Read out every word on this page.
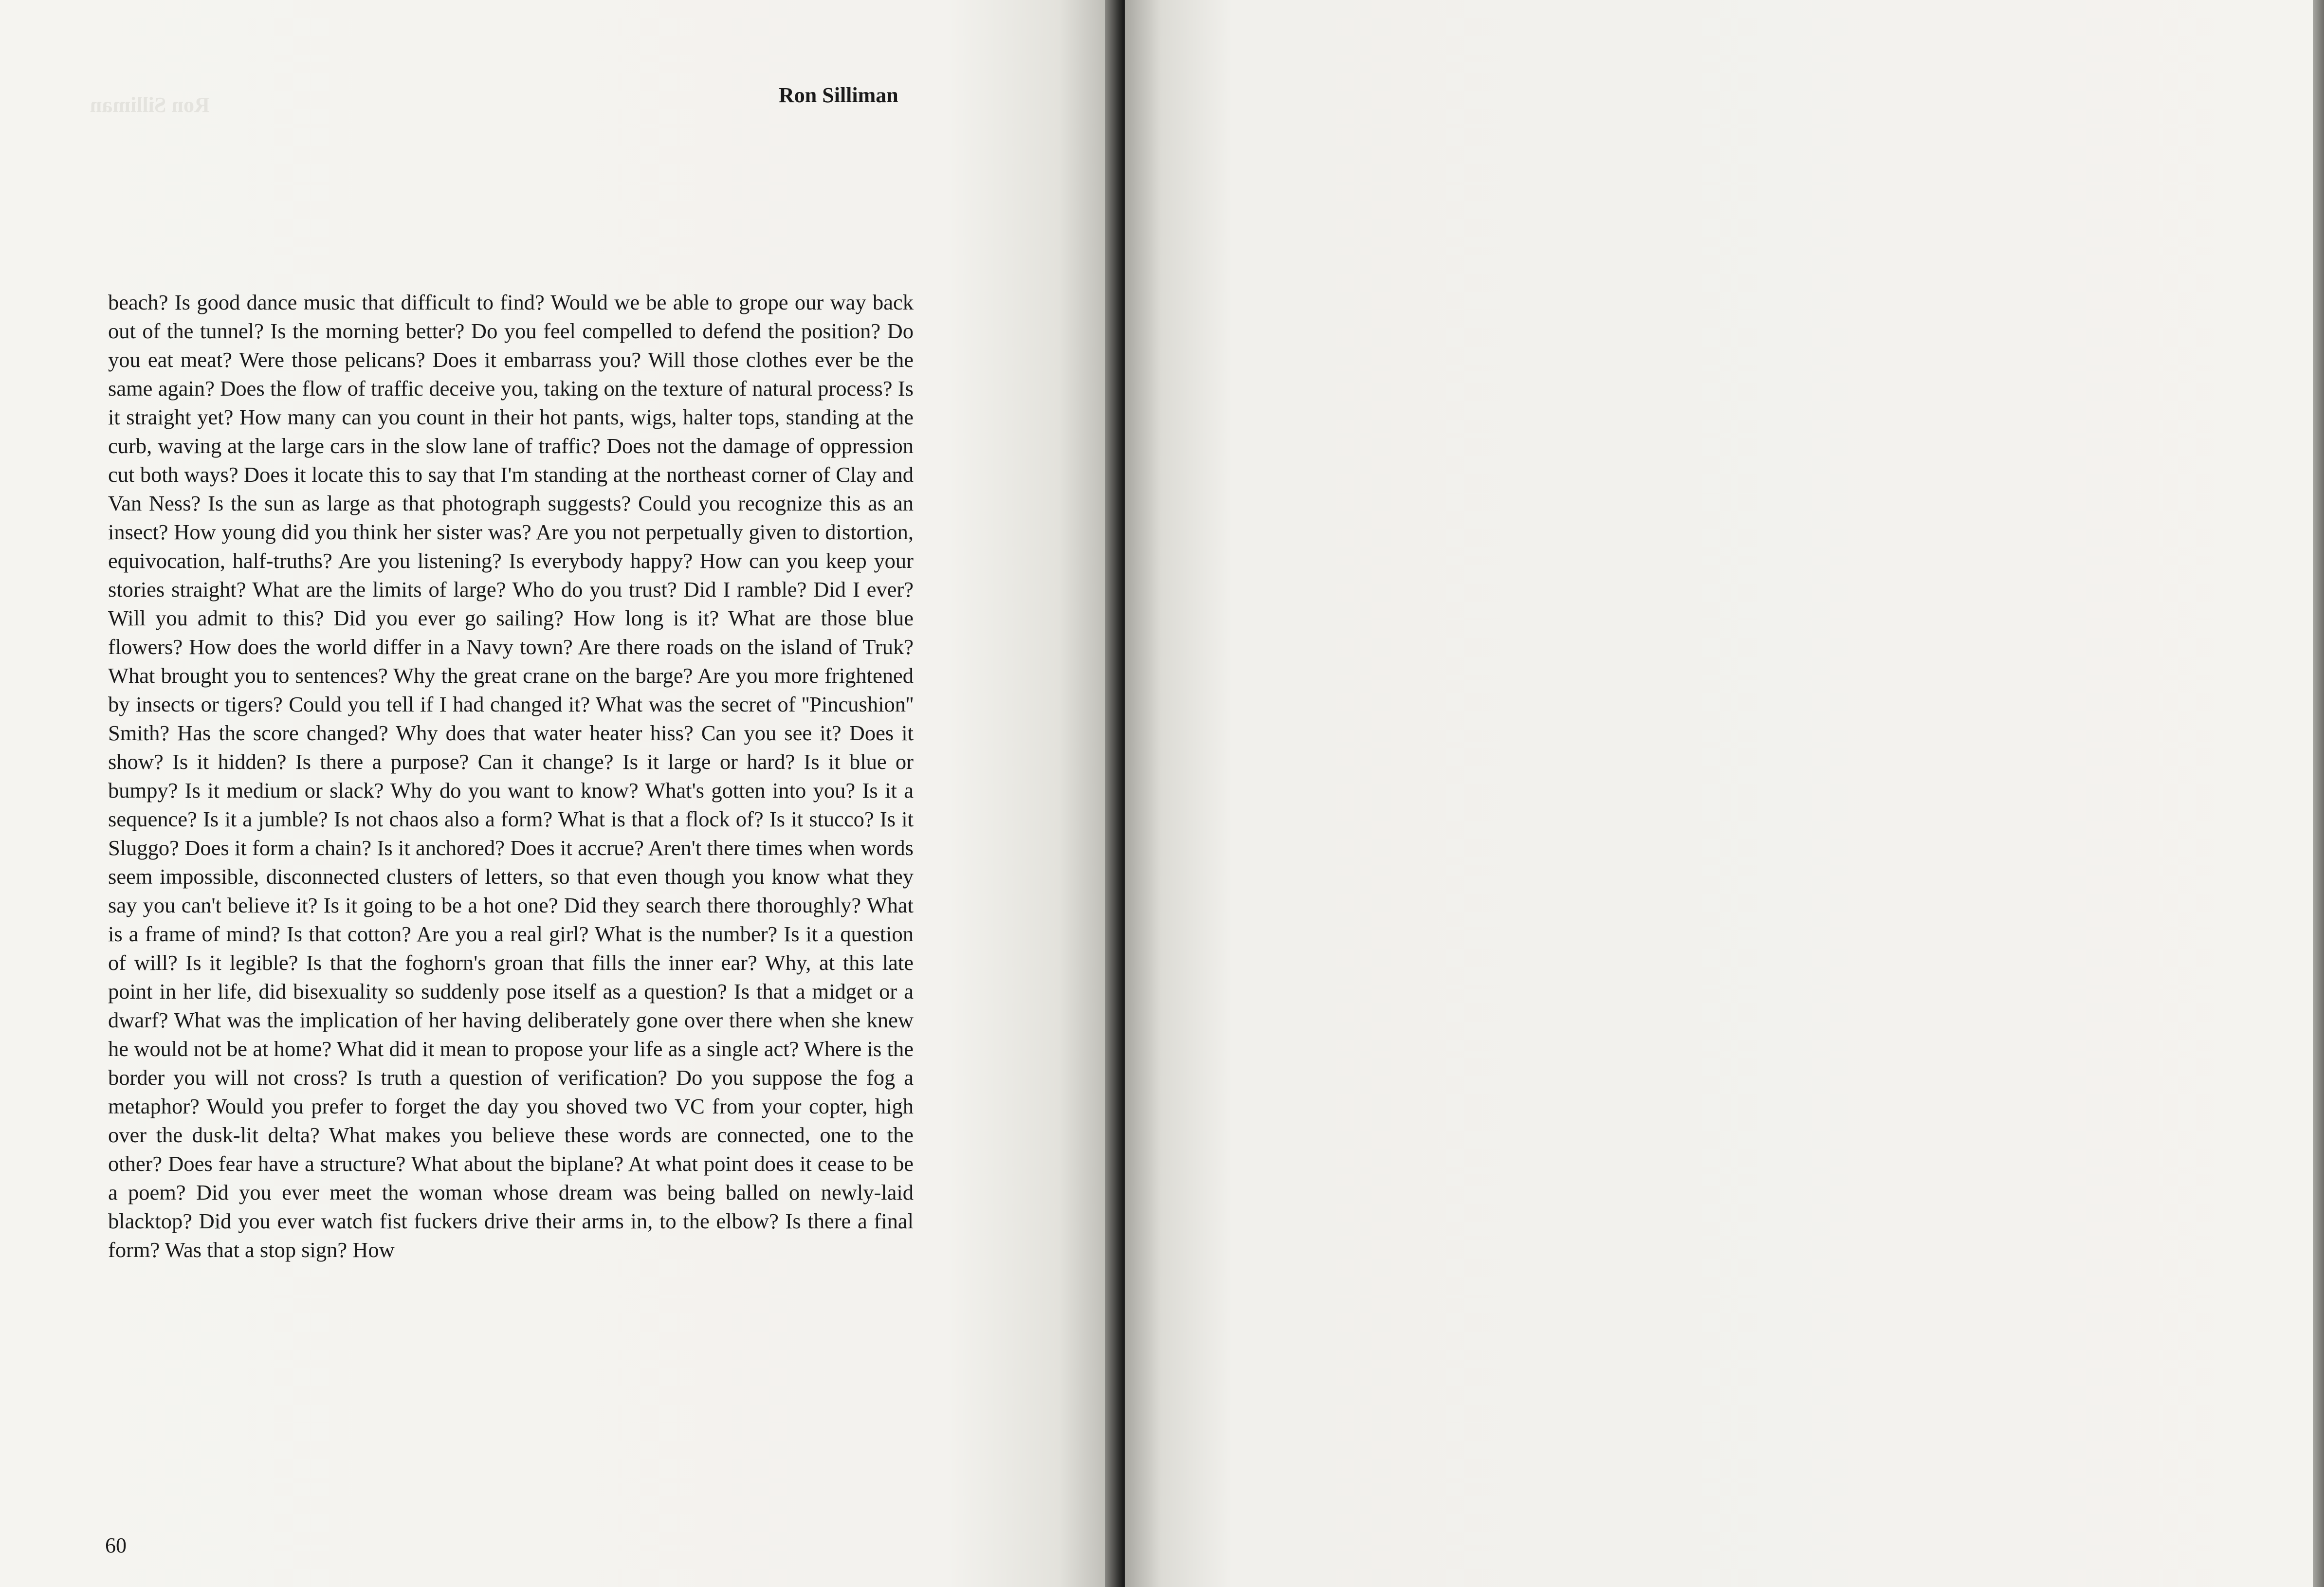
Ron Silliman	Ron Silliman

beach? Is good dance music that difficult to find? Would we be able to grope our way back out of the tunnel? Is the morning better? Do you feel compelled to defend the position? Do you eat meat? Were those pelicans? Does it embarrass you? Will those clothes ever be the same again? Does the flow of traffic deceive you, taking on the texture of natural process? Is it straight yet? How many can you count in their hot pants, wigs, halter tops, standing at the curb, waving at the large cars in the slow lane of traffic? Does not the damage of oppression cut both ways? Does it locate this to say that I'm standing at the northeast corner of Clay and Van Ness? Is the sun as large as that photograph suggests? Could you recognize this as an insect? How young did you think her sister was? Are you not perpetually given to distortion, equivocation, half-truths? Are you listening? Is everybody happy? How can you keep your stories straight? What are the limits of large? Who do you trust? Did I ramble? Did I ever? Will you admit to this? Did you ever go sailing? How long is it? What are those blue flowers? How does the world differ in a Navy town? Are there roads on the island of Truk? What brought you to sentences? Why the great crane on the barge? Are you more frightened by insects or tigers? Could you tell if I had changed it? What was the secret of ''Pincushion'' Smith? Has the score changed? Why does that water heater hiss? Can you see it? Does it show? Is it hidden? Is there a purpose? Can it change? Is it large or hard? Is it blue or bumpy? Is it medium or slack? Why do you want to know? What's gotten into you? Is it a sequence? Is it a jumble? Is not chaos also a form? What is that a flock of? Is it stucco? Is it Sluggo? Does it form a chain? Is it anchored? Does it accrue? Aren't there times when words seem impossible, disconnected clusters of letters, so that even though you know what they say you can't believe it? Is it going to be a hot one? Did they search there thoroughly? What is a frame of mind? Is that cotton? Are you a real girl? What is the number? Is it a question of will? Is it legible? Is that the foghorn's groan that fills the inner ear? Why, at this late point in her life, did bisexuality so suddenly pose itself as a question? Is that a midget or a dwarf? What was the implication of her having deliberately gone over there when she knew he would not be at home? What did it mean to propose your life as a single act? Where is the border you will not cross? Is truth a question of verification? Do you suppose the fog a metaphor? Would you prefer to forget the day you shoved two VC from your copter, high over the dusk-lit delta? What makes you believe these words are connected, one to the other? Does fear have a structure? What about the biplane? At what point does it cease to be a poem? Did you ever meet the woman whose dream was being balled on newly-laid blacktop? Did you ever watch fist fuckers drive their arms in, to the elbow? Is there a final form? Was that a stop sign? How

60
